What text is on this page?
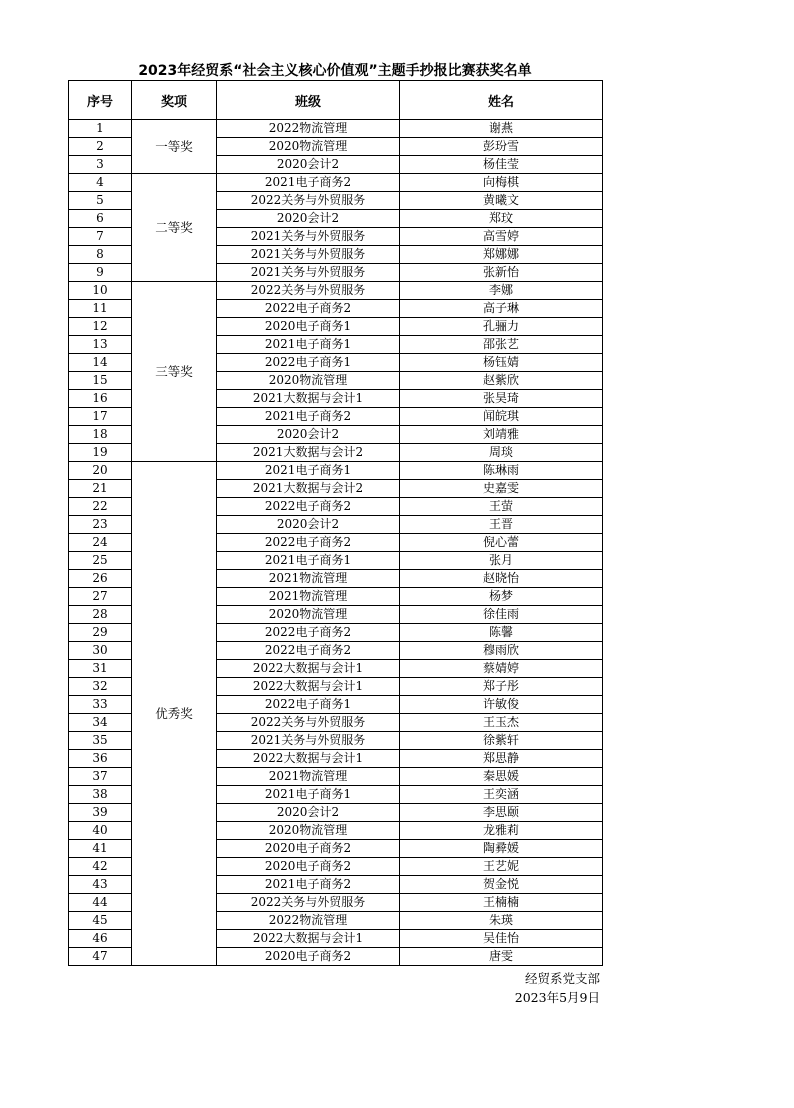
2023年经贸系“社会主义核心价值观”主题手抄报比赛获奖名单
序号	奖项	班级	姓名
1	一等奖	2022物流管理	谢燕
2		2020物流管理	彭玢雪
3		2020会计2	杨佳莹
4	二等奖	2021电子商务2	向梅棋
5		2022关务与外贸服务	黄曦文
6		2020会计2	郑玟
7		2021关务与外贸服务	高雪婷
8		2021关务与外贸服务	郑娜娜
9		2021关务与外贸服务	张新怡
10	三等奖	2022关务与外贸服务	李娜
11		2022电子商务2	高子琳
12		2020电子商务1	孔骊力
13		2021电子商务1	邵张艺
14		2022电子商务1	杨钰婧
15		2020物流管理	赵紫欣
16		2021大数据与会计1	张昊琦
17		2021电子商务2	闻皖琪
18		2020会计2	刘靖雅
19		2021大数据与会计2	周琰
20	优秀奖	2021电子商务1	陈琳雨
21		2021大数据与会计2	史嘉雯
22		2022电子商务2	王萤
23		2020会计2	王晋
24		2022电子商务2	倪心蕾
25		2021电子商务1	张月
26		2021物流管理	赵晓怡
27		2021物流管理	杨梦
28		2020物流管理	徐佳雨
29		2022电子商务2	陈馨
30		2022电子商务2	穆雨欣
31		2022大数据与会计1	蔡婧婷
32		2022大数据与会计1	郑子彤
33		2022电子商务1	许敏俊
34		2022关务与外贸服务	王玉杰
35		2021关务与外贸服务	徐紫轩
36		2022大数据与会计1	郑思静
37		2021物流管理	秦思媛
38		2021电子商务1	王奕涵
39		2020会计2	李思颐
40		2020物流管理	龙雅莉
41		2020电子商务2	陶彛媛
42		2020电子商务2	王艺妮
43		2021电子商务2	贺金悦
44		2022关务与外贸服务	王楠楠
45		2022物流管理	朱瑛
46		2022大数据与会计1	吴佳怡
47		2020电子商务2	唐雯
经贸系党支部
2023年5月9日
